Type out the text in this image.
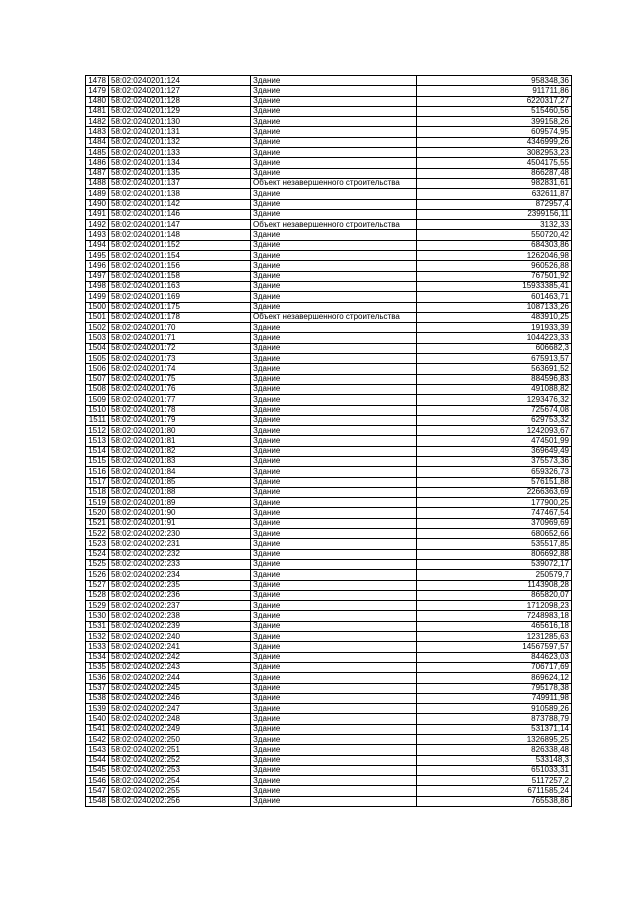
1478	58:02:0240201:124	Здание	958348,36
1479	58:02:0240201:127	Здание	911711,86
1480	58:02:0240201:128	Здание	6220317,27
1481	58:02:0240201:129	Здание	515460,56
1482	58:02:0240201:130	Здание	399158,26
1483	58:02:0240201:131	Здание	609574,95
1484	58:02:0240201:132	Здание	4346999,26
1485	58:02:0240201:133	Здание	3082953,23
1486	58:02:0240201:134	Здание	4504175,55
1487	58:02:0240201:135	Здание	866287,48
1488	58:02:0240201:137	Объект незавершенного строительства	982831,61
1489	58:02:0240201:138	Здание	632611,87
1490	58:02:0240201:142	Здание	872957,4
1491	58:02:0240201:146	Здание	2399156,11
1492	58:02:0240201:147	Объект незавершенного строительства	3132,33
1493	58:02:0240201:148	Здание	550720,42
1494	58:02:0240201:152	Здание	684303,86
1495	58:02:0240201:154	Здание	1262046,98
1496	58:02:0240201:156	Здание	960526,88
1497	58:02:0240201:158	Здание	767501,92
1498	58:02:0240201:163	Здание	15933385,41
1499	58:02:0240201:169	Здание	601463,71
1500	58:02:0240201:175	Здание	1087133,26
1501	58:02:0240201:178	Объект незавершенного строительства	483910,25
1502	58:02:0240201:70	Здание	191933,39
1503	58:02:0240201:71	Здание	1044223,33
1504	58:02:0240201:72	Здание	606682,3
1505	58:02:0240201:73	Здание	675913,57
1506	58:02:0240201:74	Здание	563691,52
1507	58:02:0240201:75	Здание	884596,83
1508	58:02:0240201:76	Здание	491088,82
1509	58:02:0240201:77	Здание	1293476,32
1510	58:02:0240201:78	Здание	725674,08
1511	58:02:0240201:79	Здание	629753,32
1512	58:02:0240201:80	Здание	1242093,67
1513	58:02:0240201:81	Здание	474501,99
1514	58:02:0240201:82	Здание	369649,49
1515	58:02:0240201:83	Здание	375573,36
1516	58:02:0240201:84	Здание	659326,73
1517	58:02:0240201:85	Здание	576151,88
1518	58:02:0240201:88	Здание	2266363,69
1519	58:02:0240201:89	Здание	177900,25
1520	58:02:0240201:90	Здание	747467,54
1521	58:02:0240201:91	Здание	370969,69
1522	58:02:0240202:230	Здание	680652,66
1523	58:02:0240202:231	Здание	535517,85
1524	58:02:0240202:232	Здание	806692,88
1525	58:02:0240202:233	Здание	539072,17
1526	58:02:0240202:234	Здание	250579,7
1527	58:02:0240202:235	Здание	1143908,28
1528	58:02:0240202:236	Здание	865820,07
1529	58:02:0240202:237	Здание	1712098,23
1530	58:02:0240202:238	Здание	7248983,18
1531	58:02:0240202:239	Здание	465616,18
1532	58:02:0240202:240	Здание	1231285,63
1533	58:02:0240202:241	Здание	14567597,57
1534	58:02:0240202:242	Здание	844623,03
1535	58:02:0240202:243	Здание	706717,69
1536	58:02:0240202:244	Здание	869624,12
1537	58:02:0240202:245	Здание	795178,38
1538	58:02:0240202:246	Здание	749911,98
1539	58:02:0240202:247	Здание	910589,26
1540	58:02:0240202:248	Здание	873788,79
1541	58:02:0240202:249	Здание	531371,14
1542	58:02:0240202:250	Здание	1326895,25
1543	58:02:0240202:251	Здание	826338,48
1544	58:02:0240202:252	Здание	533148,3
1545	58:02:0240202:253	Здание	651033,31
1546	58:02:0240202:254	Здание	5117257,2
1547	58:02:0240202:255	Здание	6711585,24
1548	58:02:0240202:256	Здание	765538,86
